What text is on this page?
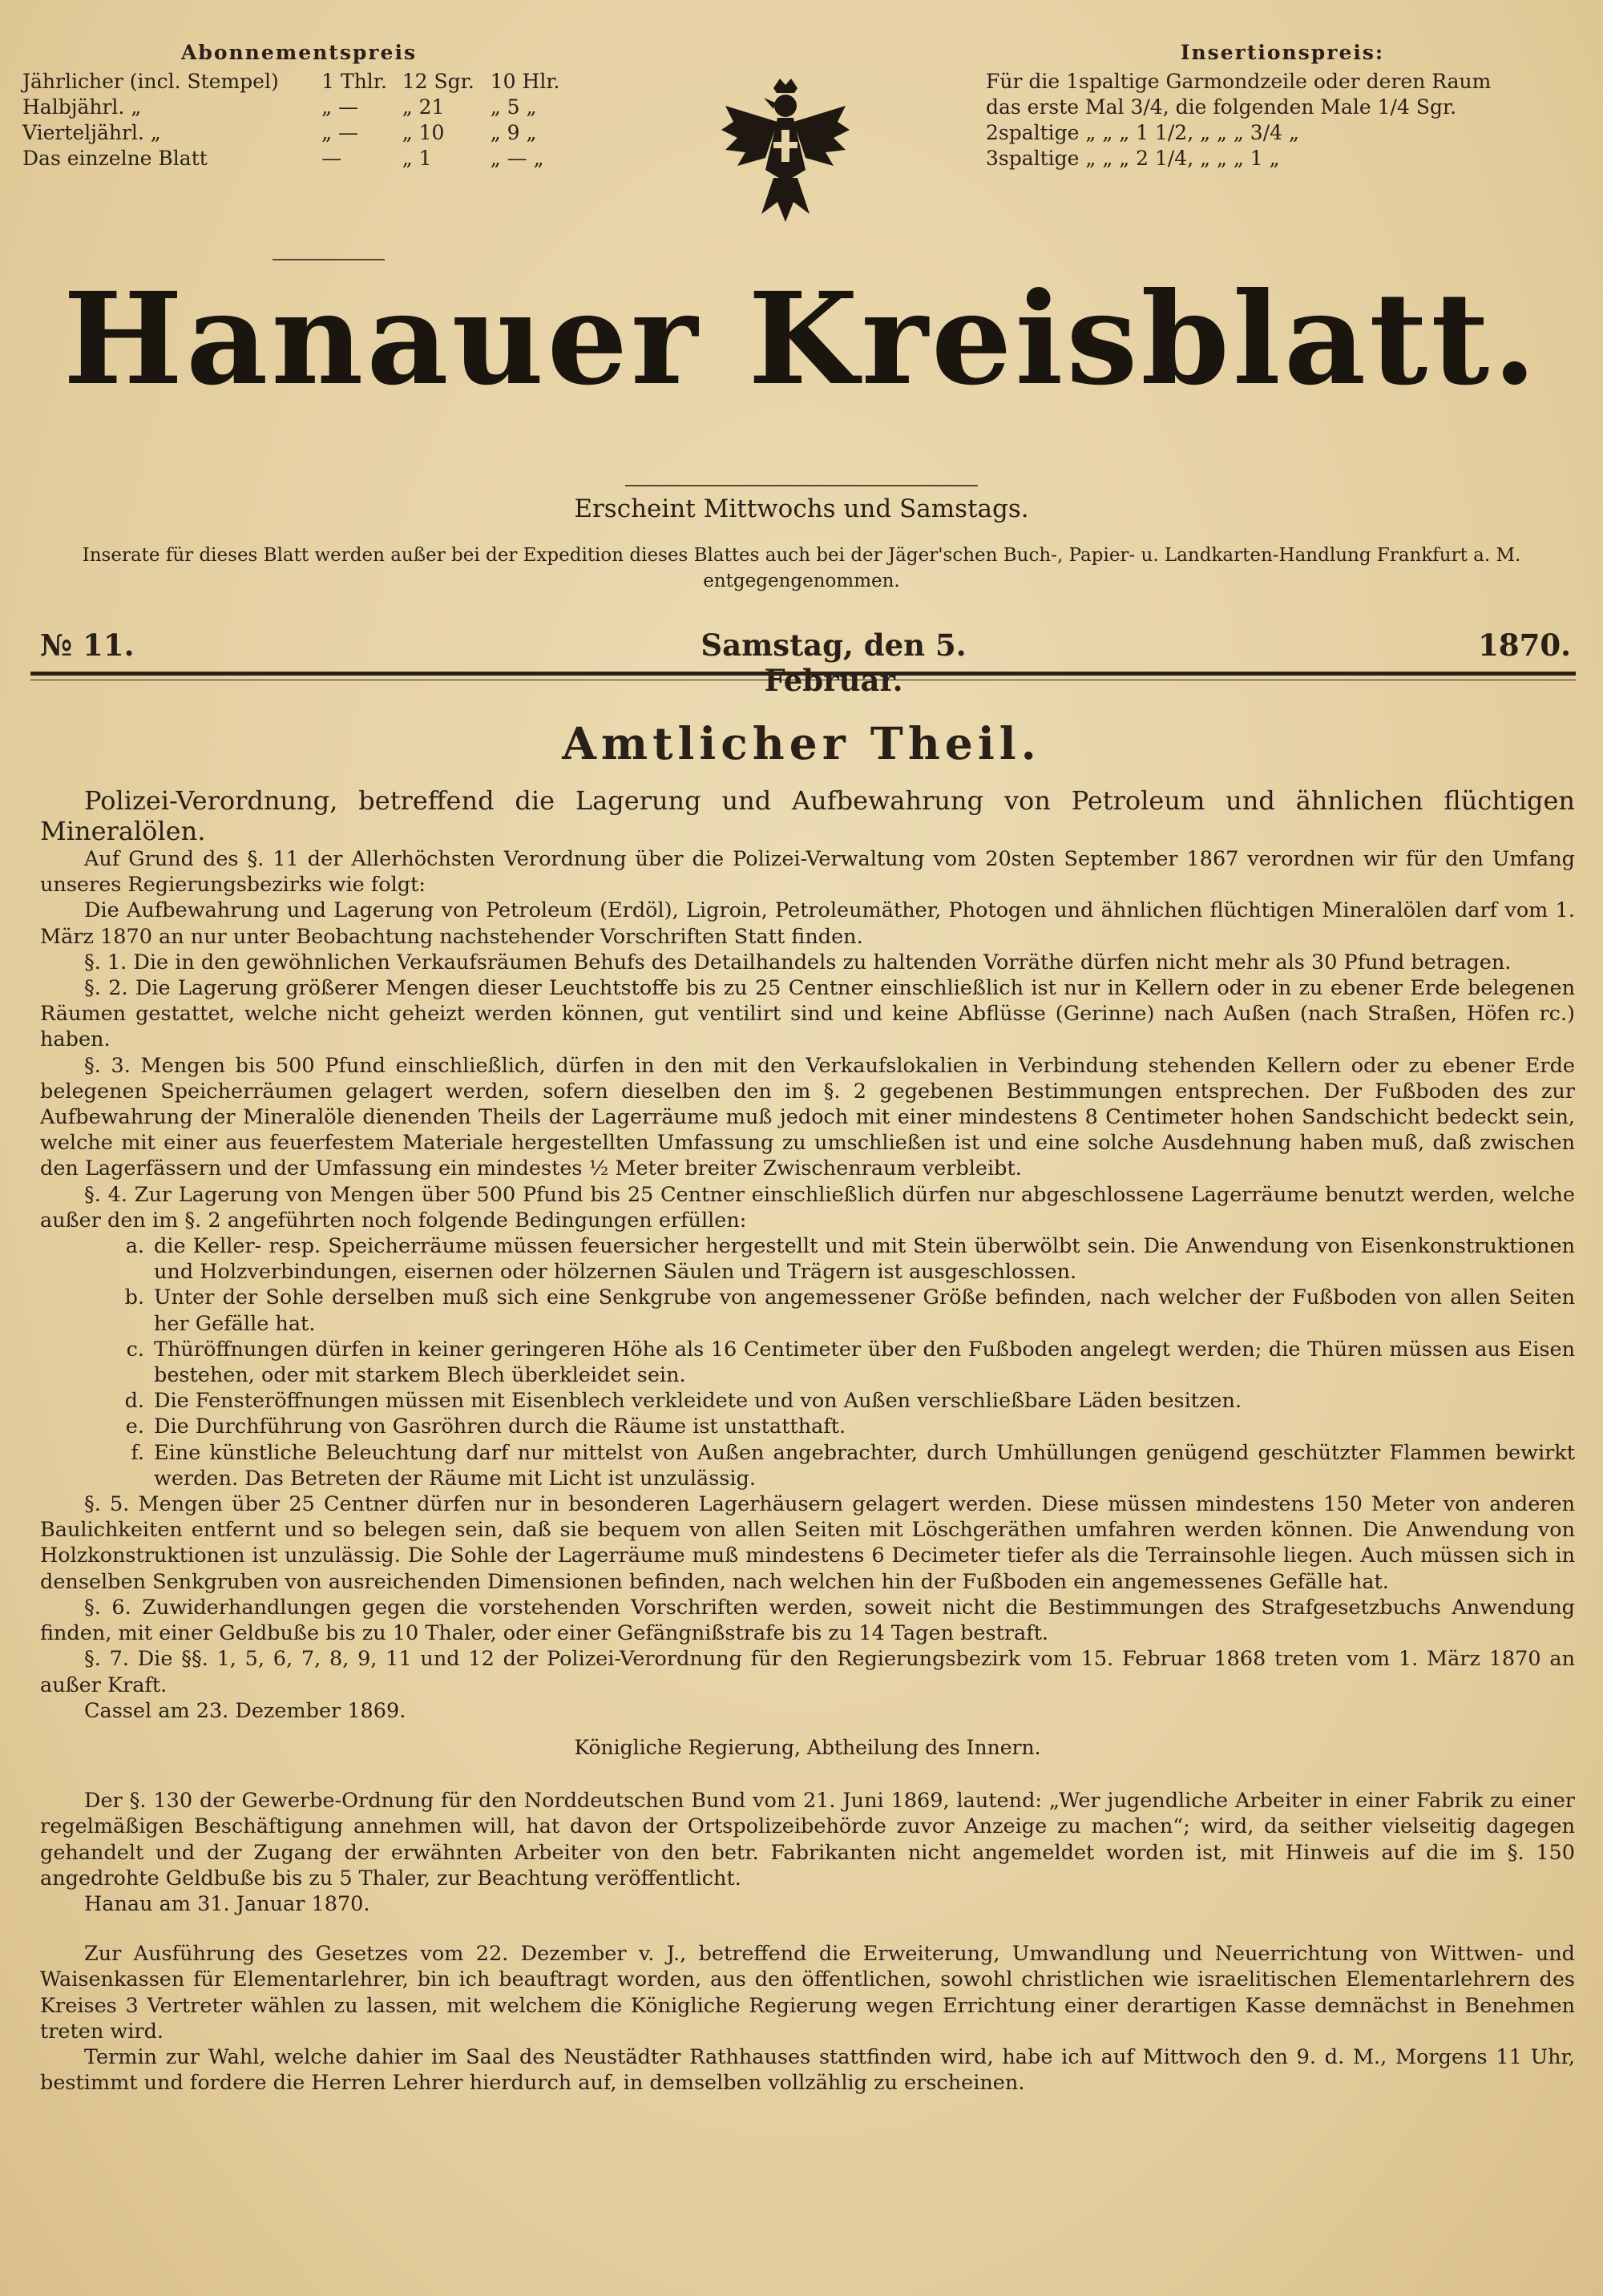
Abonnementspreis
Jährlicher (incl. Stempel)	1 Thlr.	12 Sgr.	10 Hlr.
Halbjährl. „	„ —	„ 21	„ 5 „
Vierteljährl. „	„ —	„ 10	„ 9 „
Das einzelne Blatt	—	„ 1	„ — „
Insertionspreis:
Für die 1spaltige Garmondzeile oder deren Raum
das erste Mal 3/4, die folgenden Male 1/4 Sgr.
2spaltige „ „ „ 1 1/2, „ „ „ 3/4 „
3spaltige „ „ „ 2 1/4, „ „ „ 1 „
Hanauer Kreisblatt.
Erscheint Mittwochs und Samstags.
Inserate für dieses Blatt werden außer bei der Expedition dieses Blattes auch bei der Jäger'schen Buch-, Papier- u. Landkarten-Handlung Frankfurt a. M. entgegengenommen.
№ 11.	Samstag, den 5. Februar.
1870.
Amtlicher Theil.

Polizei-Verordnung, betreffend die Lagerung und Aufbewahrung von Petroleum und ähnlichen flüchtigen Mineralölen.

Auf Grund des §. 11 der Allerhöchsten Verordnung über die Polizei-Verwaltung vom 20sten September 1867 verordnen wir für den Umfang unseres Regierungsbezirks wie folgt:

Die Aufbewahrung und Lagerung von Petroleum (Erdöl), Ligroin, Petroleumäther, Photogen und ähnlichen flüchtigen Mineralölen darf vom 1. März 1870 an nur unter Beobachtung nachstehender Vorschriften Statt finden.

§. 1. Die in den gewöhnlichen Verkaufsräumen Behufs des Detailhandels zu haltenden Vorräthe dürfen nicht mehr als 30 Pfund betragen.

§. 2. Die Lagerung größerer Mengen dieser Leuchtstoffe bis zu 25 Centner einschließlich ist nur in Kellern oder in zu ebener Erde belegenen Räumen gestattet, welche nicht geheizt werden können, gut ventilirt sind und keine Abflüsse (Gerinne) nach Außen (nach Straßen, Höfen rc.) haben.

§. 3. Mengen bis 500 Pfund einschließlich, dürfen in den mit den Verkaufslokalien in Verbindung stehenden Kellern oder zu ebener Erde belegenen Speicherräumen gelagert werden, sofern dieselben den im §. 2 gegebenen Bestimmungen entsprechen. Der Fußboden des zur Aufbewahrung der Mineralöle dienenden Theils der Lagerräume muß jedoch mit einer mindestens 8 Centimeter hohen Sandschicht bedeckt sein, welche mit einer aus feuerfestem Materiale hergestellten Umfassung zu umschließen ist und eine solche Ausdehnung haben muß, daß zwischen den Lagerfässern und der Umfassung ein mindestes ½ Meter breiter Zwischenraum verbleibt.

§. 4. Zur Lagerung von Mengen über 500 Pfund bis 25 Centner einschließlich dürfen nur abgeschlossene Lagerräume benutzt werden, welche außer den im §. 2 angeführten noch folgende Bedingungen erfüllen:

a. die Keller- resp. Speicherräume müssen feuersicher hergestellt und mit Stein überwölbt sein. Die Anwendung von Eisenkonstruktionen und Holzverbindungen, eisernen oder hölzernen Säulen und Trägern ist ausgeschlossen.
b. Unter der Sohle derselben muß sich eine Senkgrube von angemessener Größe befinden, nach welcher der Fußboden von allen Seiten her Gefälle hat.
c. Thüröffnungen dürfen in keiner geringeren Höhe als 16 Centimeter über den Fußboden angelegt werden; die Thüren müssen aus Eisen bestehen, oder mit starkem Blech überkleidet sein.
d. Die Fensteröffnungen müssen mit Eisenblech verkleidete und von Außen verschließbare Läden besitzen.
e. Die Durchführung von Gasröhren durch die Räume ist unstatthaft.
f. Eine künstliche Beleuchtung darf nur mittelst von Außen angebrachter, durch Umhüllungen genügend geschützter Flammen bewirkt werden. Das Betreten der Räume mit Licht ist unzulässig.

§. 5. Mengen über 25 Centner dürfen nur in besonderen Lagerhäusern gelagert werden. Diese müssen mindestens 150 Meter von anderen Baulichkeiten entfernt und so belegen sein, daß sie bequem von allen Seiten mit Löschgeräthen umfahren werden können. Die Anwendung von Holzkonstruktionen ist unzulässig. Die Sohle der Lagerräume muß mindestens 6 Decimeter tiefer als die Terrainsohle liegen. Auch müssen sich in denselben Senkgruben von ausreichenden Dimensionen befinden, nach welchen hin der Fußboden ein angemessenes Gefälle hat.

§. 6. Zuwiderhandlungen gegen die vorstehenden Vorschriften werden, soweit nicht die Bestimmungen des Strafgesetzbuchs Anwendung finden, mit einer Geldbuße bis zu 10 Thaler, oder einer Gefängnißstrafe bis zu 14 Tagen bestraft.

§. 7. Die §§. 1, 5, 6, 7, 8, 9, 11 und 12 der Polizei-Verordnung für den Regierungsbezirk vom 15. Februar 1868 treten vom 1. März 1870 an außer Kraft.

Cassel am 23. Dezember 1869.

Königliche Regierung, Abtheilung des Innern.

Der §. 130 der Gewerbe-Ordnung für den Norddeutschen Bund vom 21. Juni 1869, lautend: „Wer jugendliche Arbeiter in einer Fabrik zu einer regelmäßigen Beschäftigung annehmen will, hat davon der Ortspolizeibehörde zuvor Anzeige zu machen“; wird, da seither vielseitig dagegen gehandelt und der Zugang der erwähnten Arbeiter von den betr. Fabrikanten nicht angemeldet worden ist, mit Hinweis auf die im §. 150 angedrohte Geldbuße bis zu 5 Thaler, zur Beachtung veröffentlicht.

Hanau am 31. Januar 1870.

Zur Ausführung des Gesetzes vom 22. Dezember v. J., betreffend die Erweiterung, Umwandlung und Neuerrichtung von Wittwen- und Waisenkassen für Elementarlehrer, bin ich beauftragt worden, aus den öffentlichen, sowohl christlichen wie israelitischen Elementarlehrern des Kreises 3 Vertreter wählen zu lassen, mit welchem die Königliche Regierung wegen Errichtung einer derartigen Kasse demnächst in Benehmen treten wird.

Termin zur Wahl, welche dahier im Saal des Neustädter Rathhauses stattfinden wird, habe ich auf Mittwoch den 9. d. M., Morgens 11 Uhr, bestimmt und fordere die Herren Lehrer hierdurch auf, in demselben vollzählig zu erscheinen.
